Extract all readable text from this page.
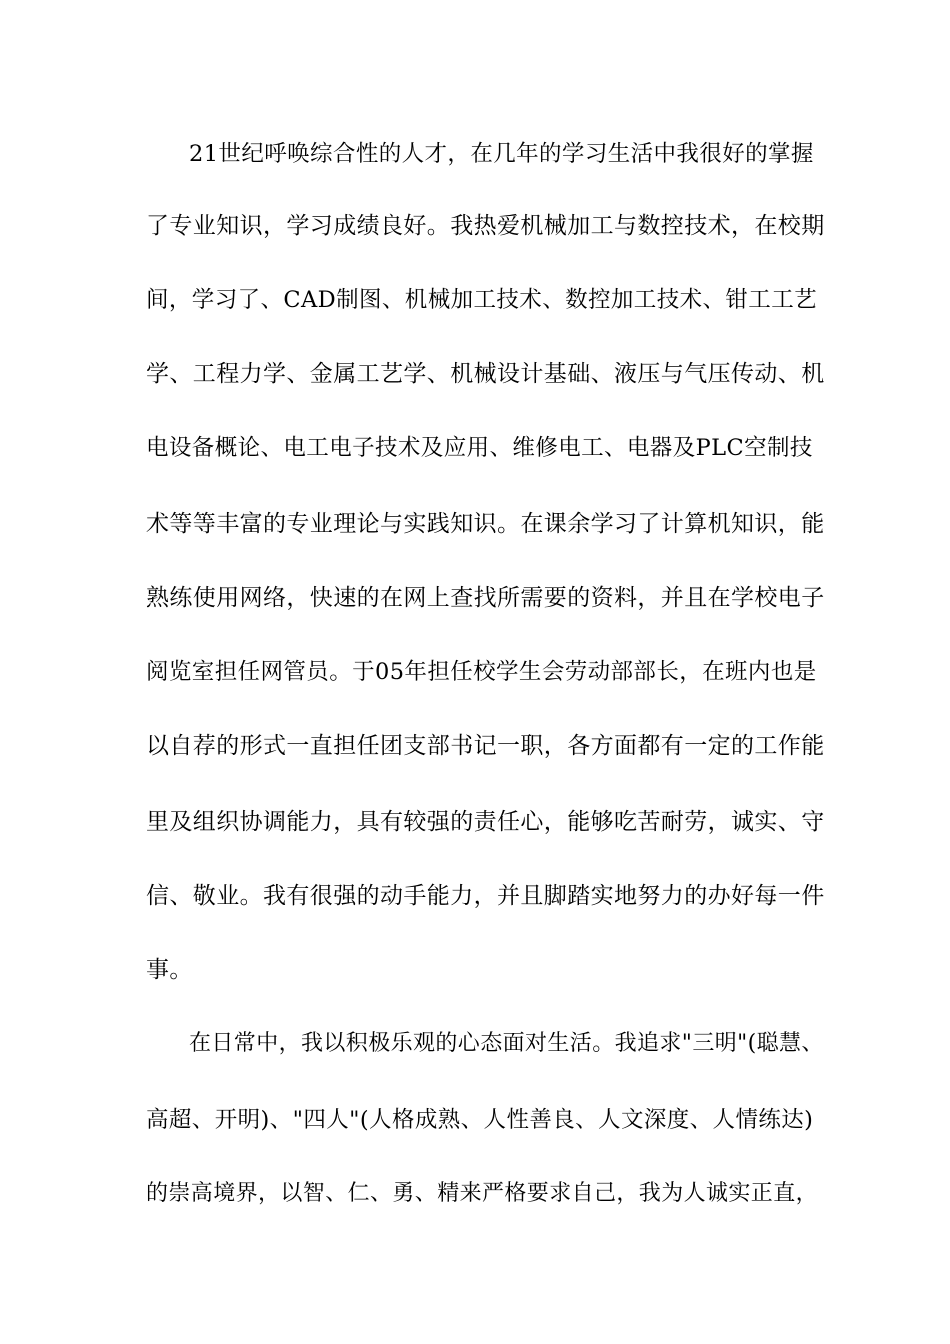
21世纪呼唤综合性的人才，在几年的学习生活中我很好的掌握
了专业知识，学习成绩良好。我热爱机械加工与数控技术，在校期
间，学习了、CAD制图、机械加工技术、数控加工技术、钳工工艺
学、工程力学、金属工艺学、机械设计基础、液压与气压传动、机
电设备概论、电工电子技术及应用、维修电工、电器及PLC空制技
术等等丰富的专业理论与实践知识。在课余学习了计算机知识，能
熟练使用网络，快速的在网上查找所需要的资料，并且在学校电子
阅览室担任网管员。于05年担任校学生会劳动部部长，在班内也是
以自荐的形式一直担任团支部书记一职，各方面都有一定的工作能
里及组织协调能力，具有较强的责任心，能够吃苦耐劳，诚实、守
信、敬业。我有很强的动手能力，并且脚踏实地努力的办好每一件
事。
在日常中，我以积极乐观的心态面对生活。我追求"三明"(聪慧、
高超、开明)、"四人"(人格成熟、人性善良、人文深度、人情练达)
的崇高境界，以智、仁、勇、精来严格要求自己，我为人诚实正直，
